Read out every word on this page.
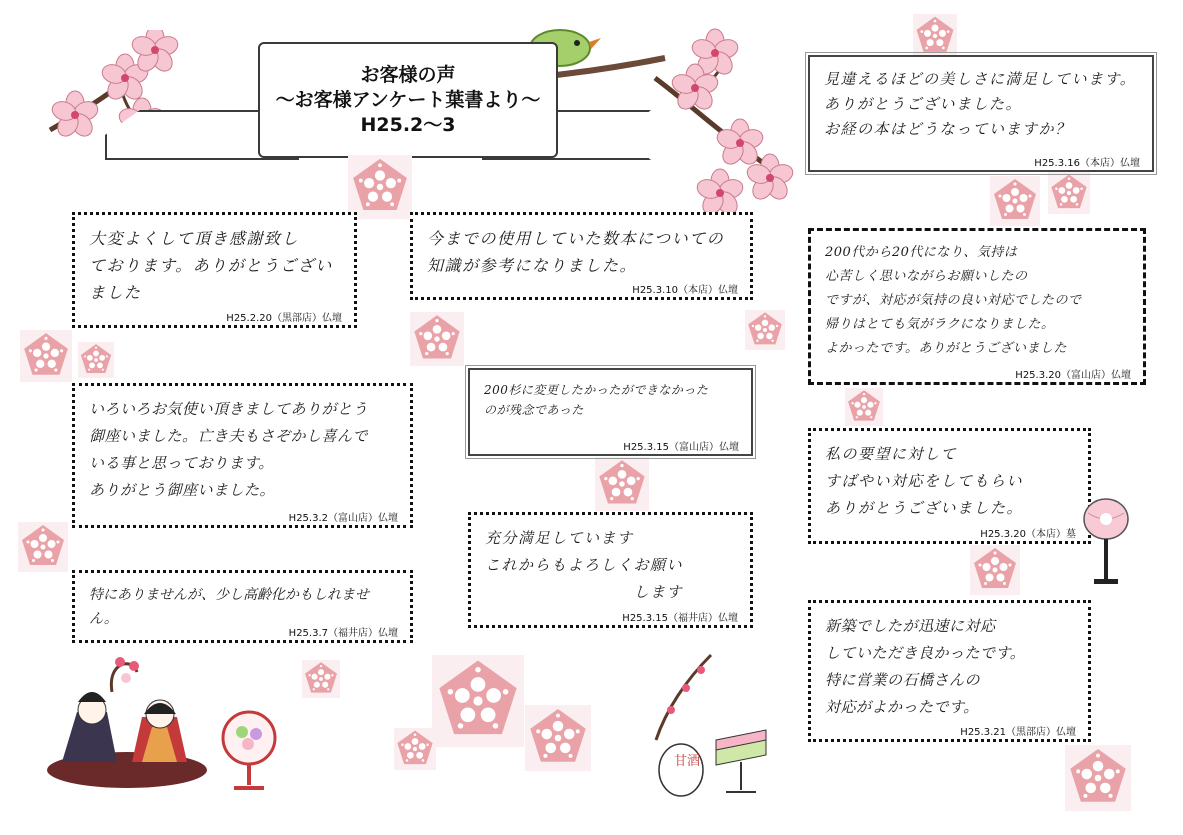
お客様の声
～お客様アンケート葉書より～
H25.2～3
大変よくして頂き感謝致し
ております。ありがとうござい
ました
H25.2.20（黒部店）仏壇
今までの使用していた数本についての
知識が参考になりました。
H25.3.10（本店）仏壇
見違えるほどの美しさに満足しています。
ありがとうございました。
お経の本はどうなっていますか？
H25.3.16（本店）仏壇
200代から20代になり、気持は
心苦しく思いながらお願いしたの
ですが、対応が気持の良い対応でしたので
帰りはとても気がラクになりました。
よかったです。ありがとうございました
H25.3.20（富山店）仏壇
200杉に変更したかったができなかった
のが残念であった
H25.3.15（富山店）仏壇
いろいろお気使い頂きましてありがとう
御座いました。亡き夫もさぞかし喜んで
いる事と思っております。
ありがとう御座いました。
H25.3.2（富山店）仏壇
私の要望に対して
すばやい対応をしてもらい
ありがとうございました。
H25.3.20（本店）墓
充分満足しています
これからもよろしくお願い
　　　　　　　　　します
H25.3.15（福井店）仏壇
特にありませんが、少し高齢化かもしれません。
H25.3.7（福井店）仏壇	新築でしたが迅速に対応
していただき良かったです。
特に営業の石橋さんの
対応がよかったです。
H25.3.21（黒部店）仏壇
甘酒
